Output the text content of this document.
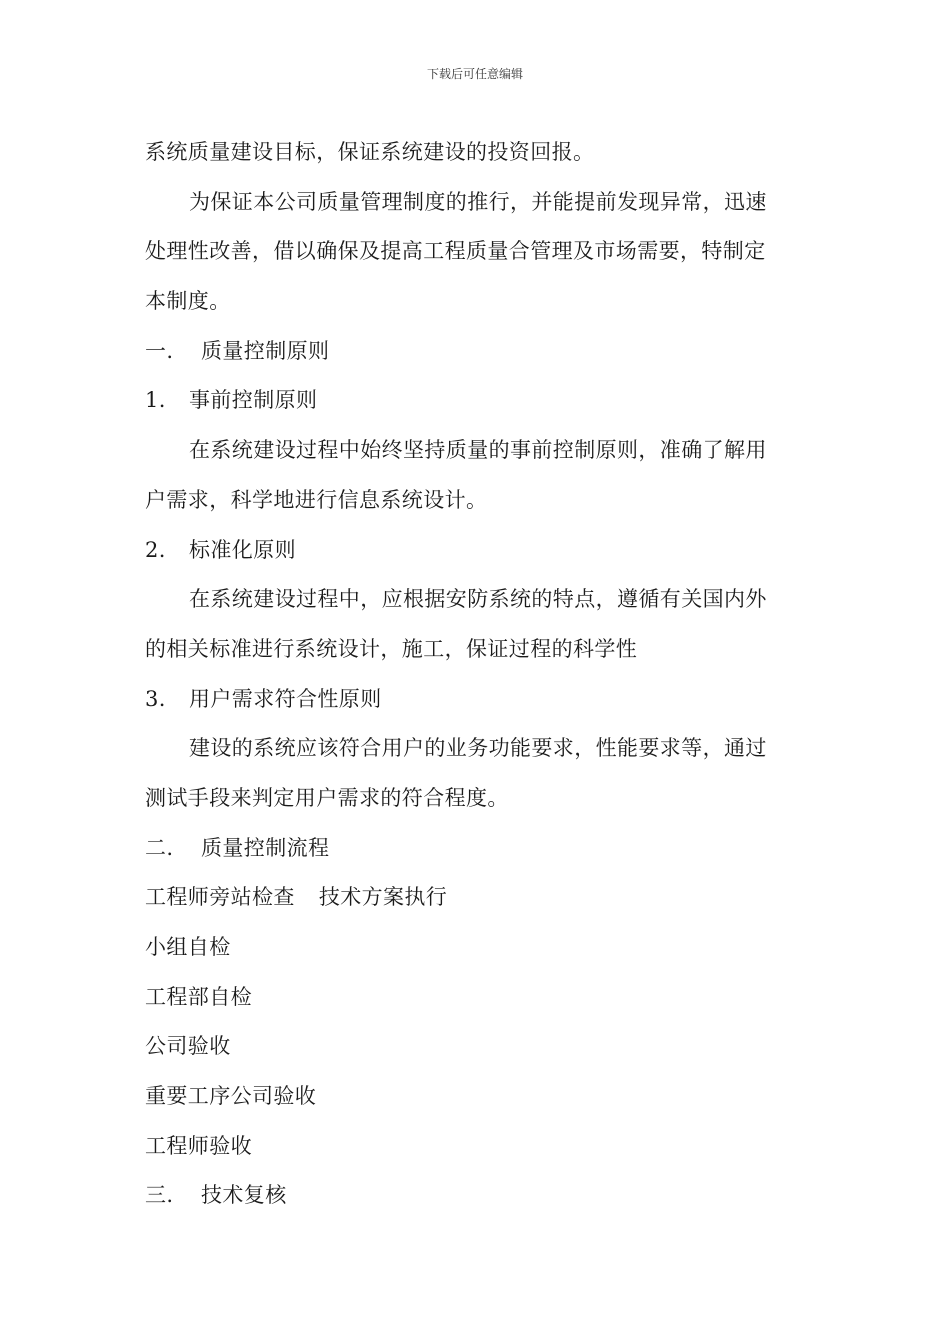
下载后可任意编辑
系统质量建设目标，保证系统建设的投资回报。
为保证本公司质量管理制度的推行，并能提前发现异常，迅速
处理性改善，借以确保及提高工程质量合管理及市场需要，特制定
本制度。
一. 质量控制原则
1. 事前控制原则
在系统建设过程中始终坚持质量的事前控制原则，准确了解用
户需求，科学地进行信息系统设计。
2. 标准化原则
在系统建设过程中，应根据安防系统的特点，遵循有关国内外
的相关标准进行系统设计，施工，保证过程的科学性
3. 用户需求符合性原则
建设的系统应该符合用户的业务功能要求，性能要求等，通过
测试手段来判定用户需求的符合程度。
二. 质量控制流程
工程师旁站检查 技术方案执行
小组自检
工程部自检
公司验收
重要工序公司验收
工程师验收
三. 技术复核
